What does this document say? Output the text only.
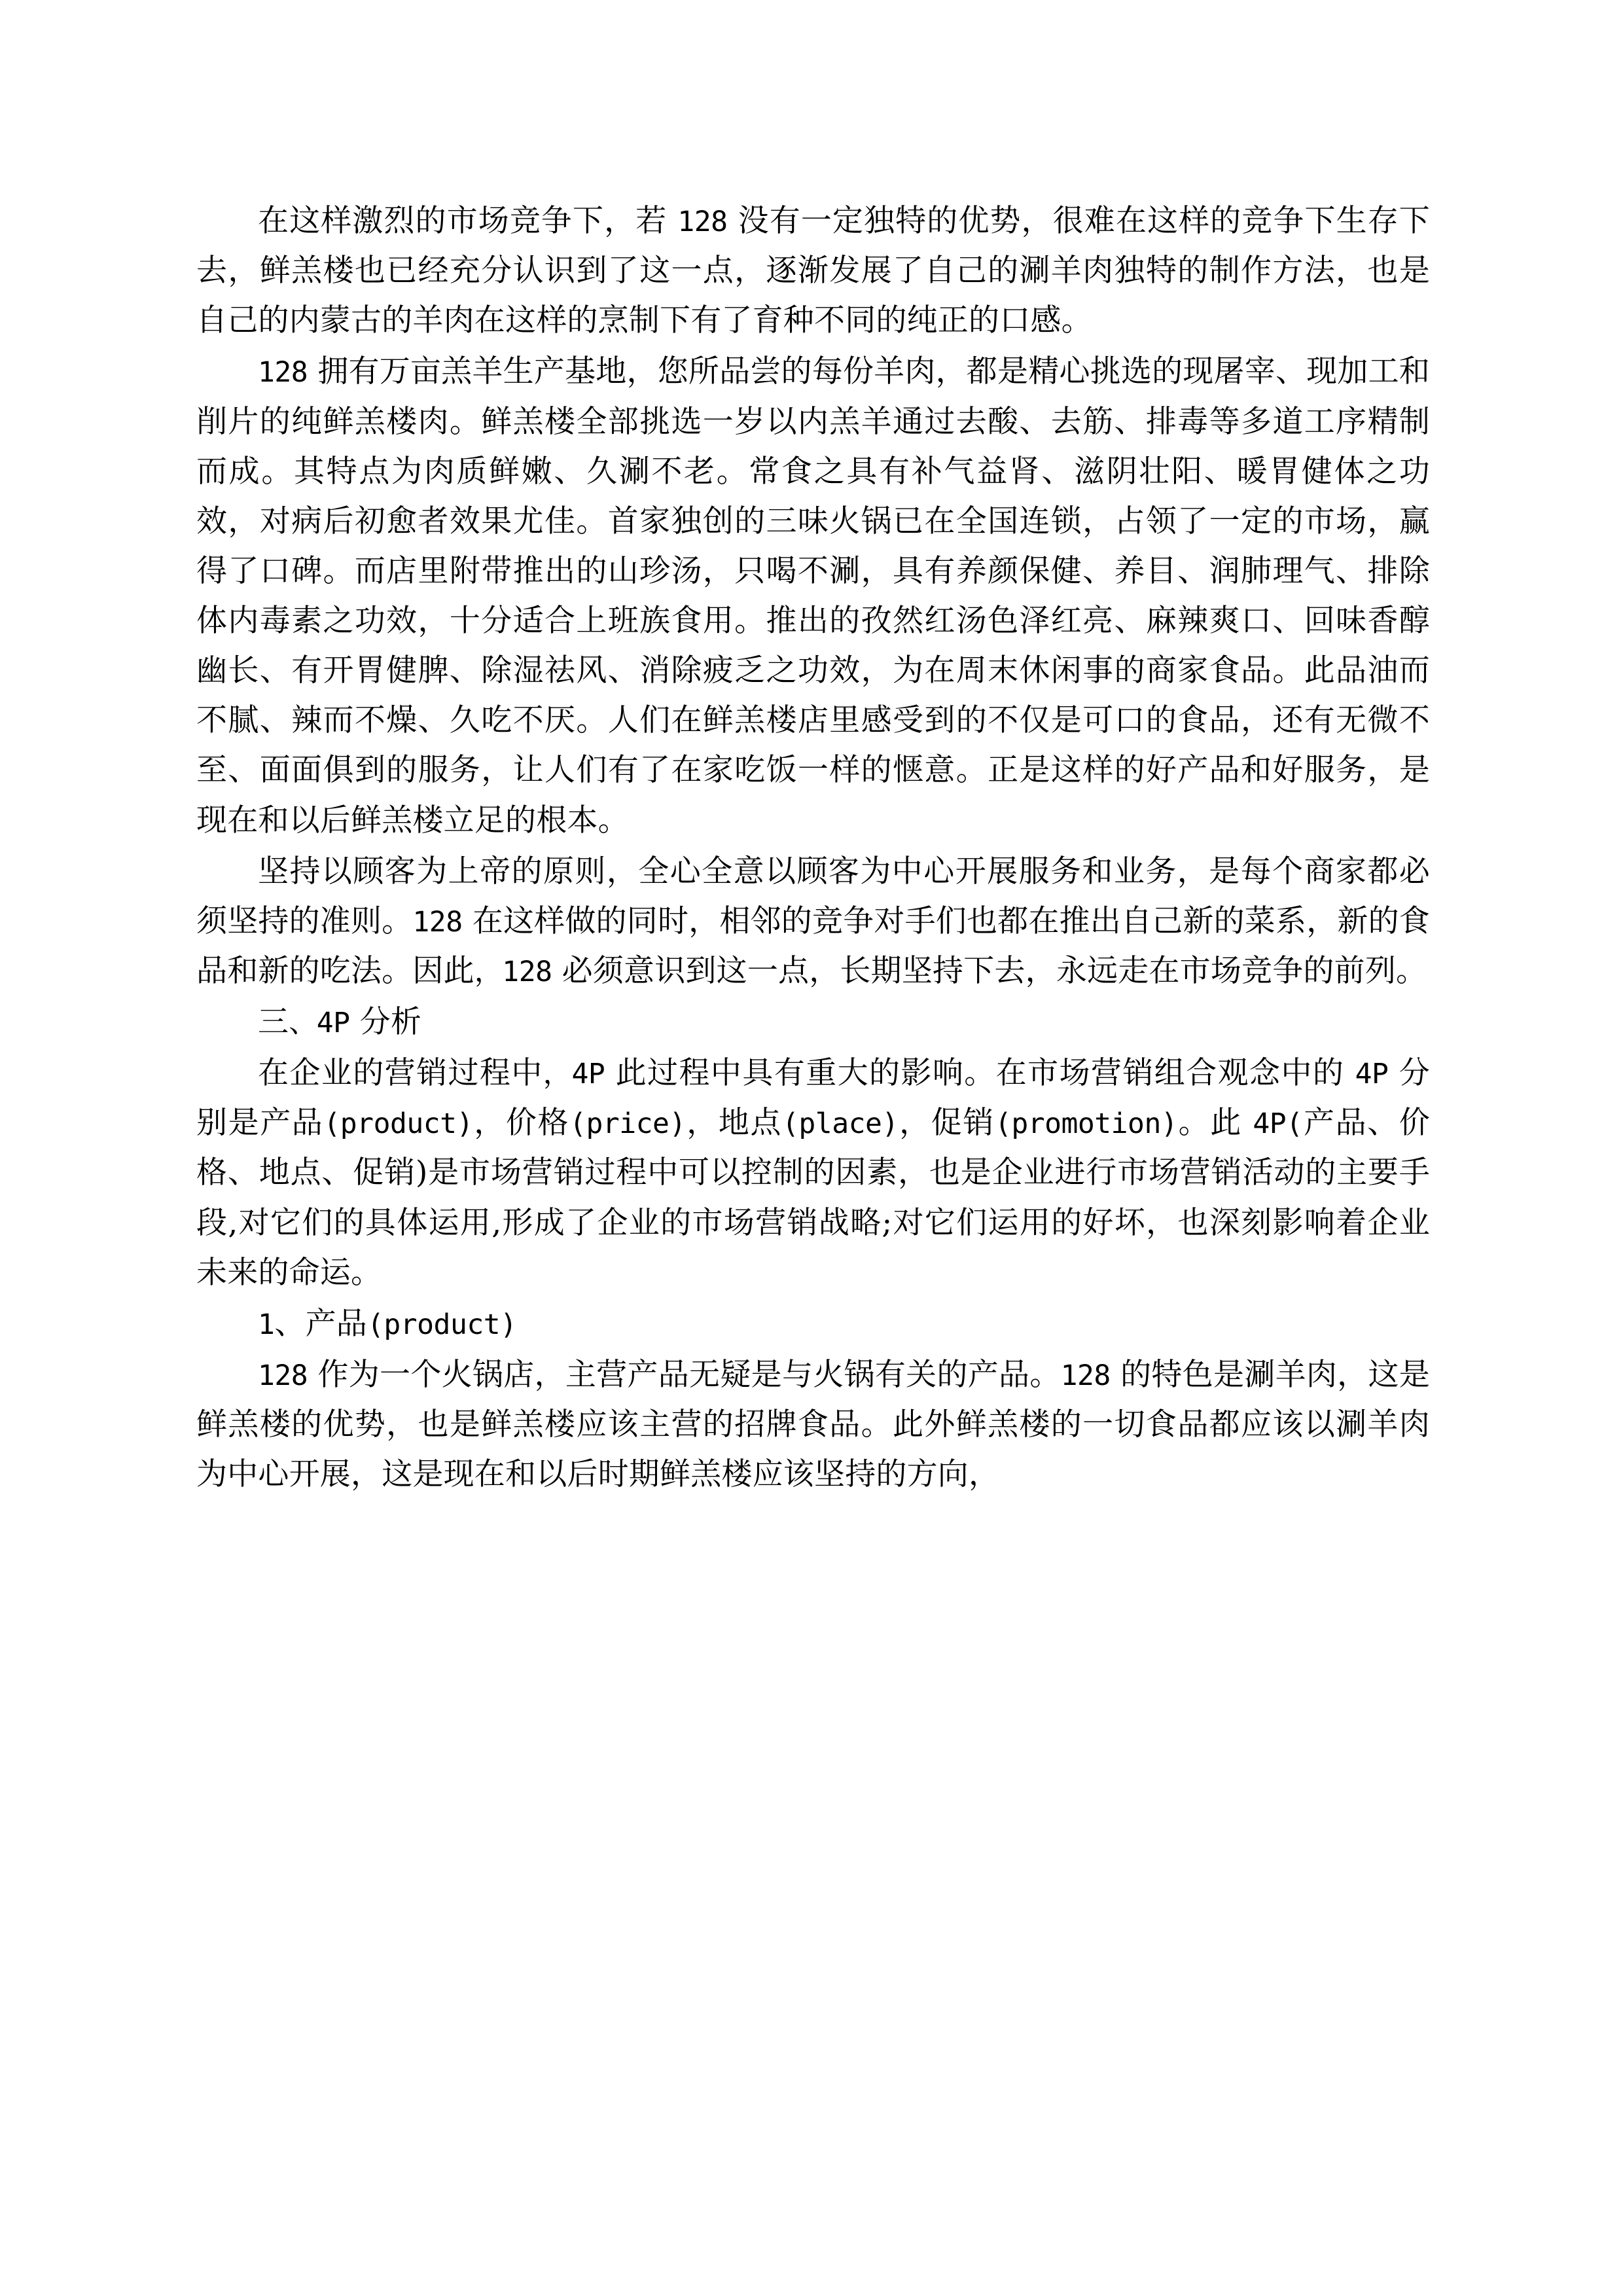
在这样激烈的市场竞争下，若 128 没有一定独特的优势，很难在这样的竞争下生存下去，鲜羔楼也已经充分认识到了这一点，逐渐发展了自己的涮羊肉独特的制作方法，也是自己的内蒙古的羊肉在这样的烹制下有了育种不同的纯正的口感。

128 拥有万亩羔羊生产基地，您所品尝的每份羊肉，都是精心挑选的现屠宰、现加工和削片的纯鲜羔楼肉。鲜羔楼全部挑选一岁以内羔羊通过去酸、去筋、排毒等多道工序精制而成。其特点为肉质鲜嫩、久涮不老。常食之具有补气益肾、滋阴壮阳、暖胃健体之功效，对病后初愈者效果尤佳。首家独创的三味火锅已在全国连锁，占领了一定的市场，赢得了口碑。而店里附带推出的山珍汤，只喝不涮，具有养颜保健、养目、润肺理气、排除体内毒素之功效，十分适合上班族食用。推出的孜然红汤色泽红亮、麻辣爽口、回味香醇幽长、有开胃健脾、除湿祛风、消除疲乏之功效，为在周末休闲事的商家食品。此品油而不腻、辣而不燥、久吃不厌。人们在鲜羔楼店里感受到的不仅是可口的食品，还有无微不至、面面俱到的服务，让人们有了在家吃饭一样的惬意。正是这样的好产品和好服务，是现在和以后鲜羔楼立足的根本。

坚持以顾客为上帝的原则，全心全意以顾客为中心开展服务和业务，是每个商家都必须坚持的准则。128 在这样做的同时，相邻的竞争对手们也都在推出自己新的菜系，新的食品和新的吃法。因此，128 必须意识到这一点，长期坚持下去，永远走在市场竞争的前列。

三、4P 分析

在企业的营销过程中，4P 此过程中具有重大的影响。在市场营销组合观念中的 4P 分别是产品(product)，价格(price)，地点(place)，促销(promotion)。此 4P(产品、价格、地点、促销)是市场营销过程中可以控制的因素，也是企业进行市场营销活动的主要手段,对它们的具体运用,形成了企业的市场营销战略;对它们运用的好坏，也深刻影响着企业未来的命运。

1、产品(product)

128 作为一个火锅店，主营产品无疑是与火锅有关的产品。128 的特色是涮羊肉，这是鲜羔楼的优势，也是鲜羔楼应该主营的招牌食品。此外鲜羔楼的一切食品都应该以涮羊肉为中心开展，这是现在和以后时期鲜羔楼应该坚持的方向，
